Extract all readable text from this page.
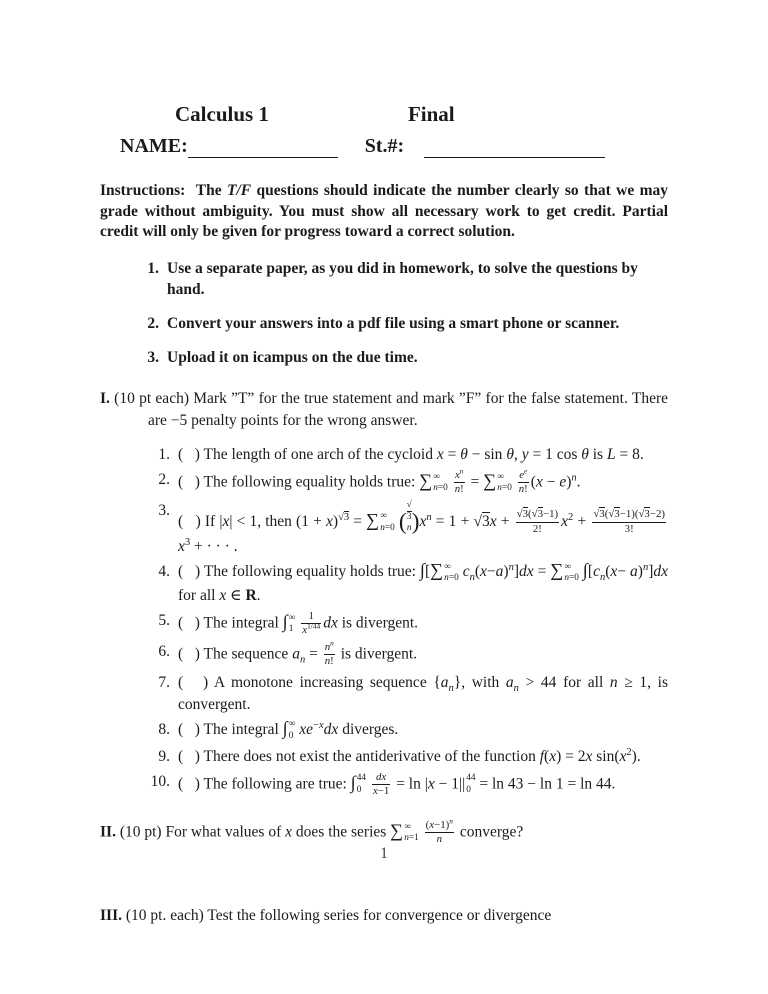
Calculus 1	Final
NAME:	St.#:

Instructions:  The T/F questions should indicate the number clearly so that we may grade without ambiguity. You must show all necessary work to get credit. Partial credit will only be given for progress toward a correct solution.

1. Use a separate paper, as you did in homework, to solve the questions by hand.
2. Convert your answers into a pdf file using a smart phone or scanner.
3. Upload it on icampus on the due time.
I. (10 pt each) Mark ”T” for the true statement and mark ”F” for the false statement. There are −5 penalty points for the wrong answer.
1. (   ) The length of one arch of the cycloid x = θ − sin θ, y = 1 cos θ is L = 8.
2. (   ) The following equality holds true: ∑ ∞
n=0
$\frac{x^n}{n!}$ = ∑ ∞
n=0
$\frac{e^e}{n!} (x - e)^n$.
3.
(   ) If |x| < 1, then $(1 + x)^{√3}$ = ∑ ∞
n=0 (
√
3
n )$x^n = 1 + √3x + \frac{√3(√3-1)}{2!} x^2 + \frac{√3(√3-1)(√3-2)}{3!}$
$x^3$ + · · · .
4. (   ) The following equality holds true: ∫[∑ ∞
n=0 $c_n(x-a)^n]dx$ = ∑ ∞
n=0 $\int[c_n(x- a)^n]dx$ for all x ∈ R.
5. (   ) The integral ∫ ∞
1
$\frac{1}{x^{1/44}}$ dx is divergent.
6. (   ) The sequence $a_n = \frac{n^n}{n!}$ is divergent.
7. (   ) A monotone increasing sequence $\{a_n\}$, with $a_n > 44$ for all n ≥ 1, is convergent.
8. (   ) The integral ∫ ∞
0 $xe^{-x}dx$ diverges.
9. (   ) There does not exist the antiderivative of the function f(x) = 2x $\sin(x^2)$.
10. (   ) The following are true: ∫ 44
0
$\frac{dx}{x-1} = \ln |x - 1||$ 44
0 = ln 43 − ln 1 = ln 44.
II. (10 pt) For what values of x does the series ∑ ∞
n=1
$\frac{(x-1)^n}{n}$ converge?
III. (10 pt. each) Test the following series for convergence or divergence
1
